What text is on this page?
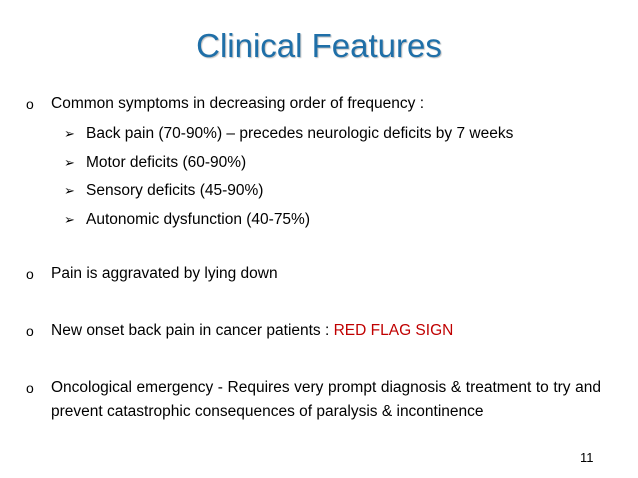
Clinical Features
o Common symptoms in decreasing order of frequency :
➢ Back pain (70-90%) – precedes neurologic deficits by 7 weeks
➢ Motor deficits (60-90%)
➢ Sensory deficits (45-90%)
➢ Autonomic dysfunction (40-75%)
o Pain is aggravated by lying down
o New onset back pain in cancer patients : RED FLAG SIGN
o Oncological emergency - Requires very prompt diagnosis & treatment to try and prevent catastrophic consequences of paralysis & incontinence
11
